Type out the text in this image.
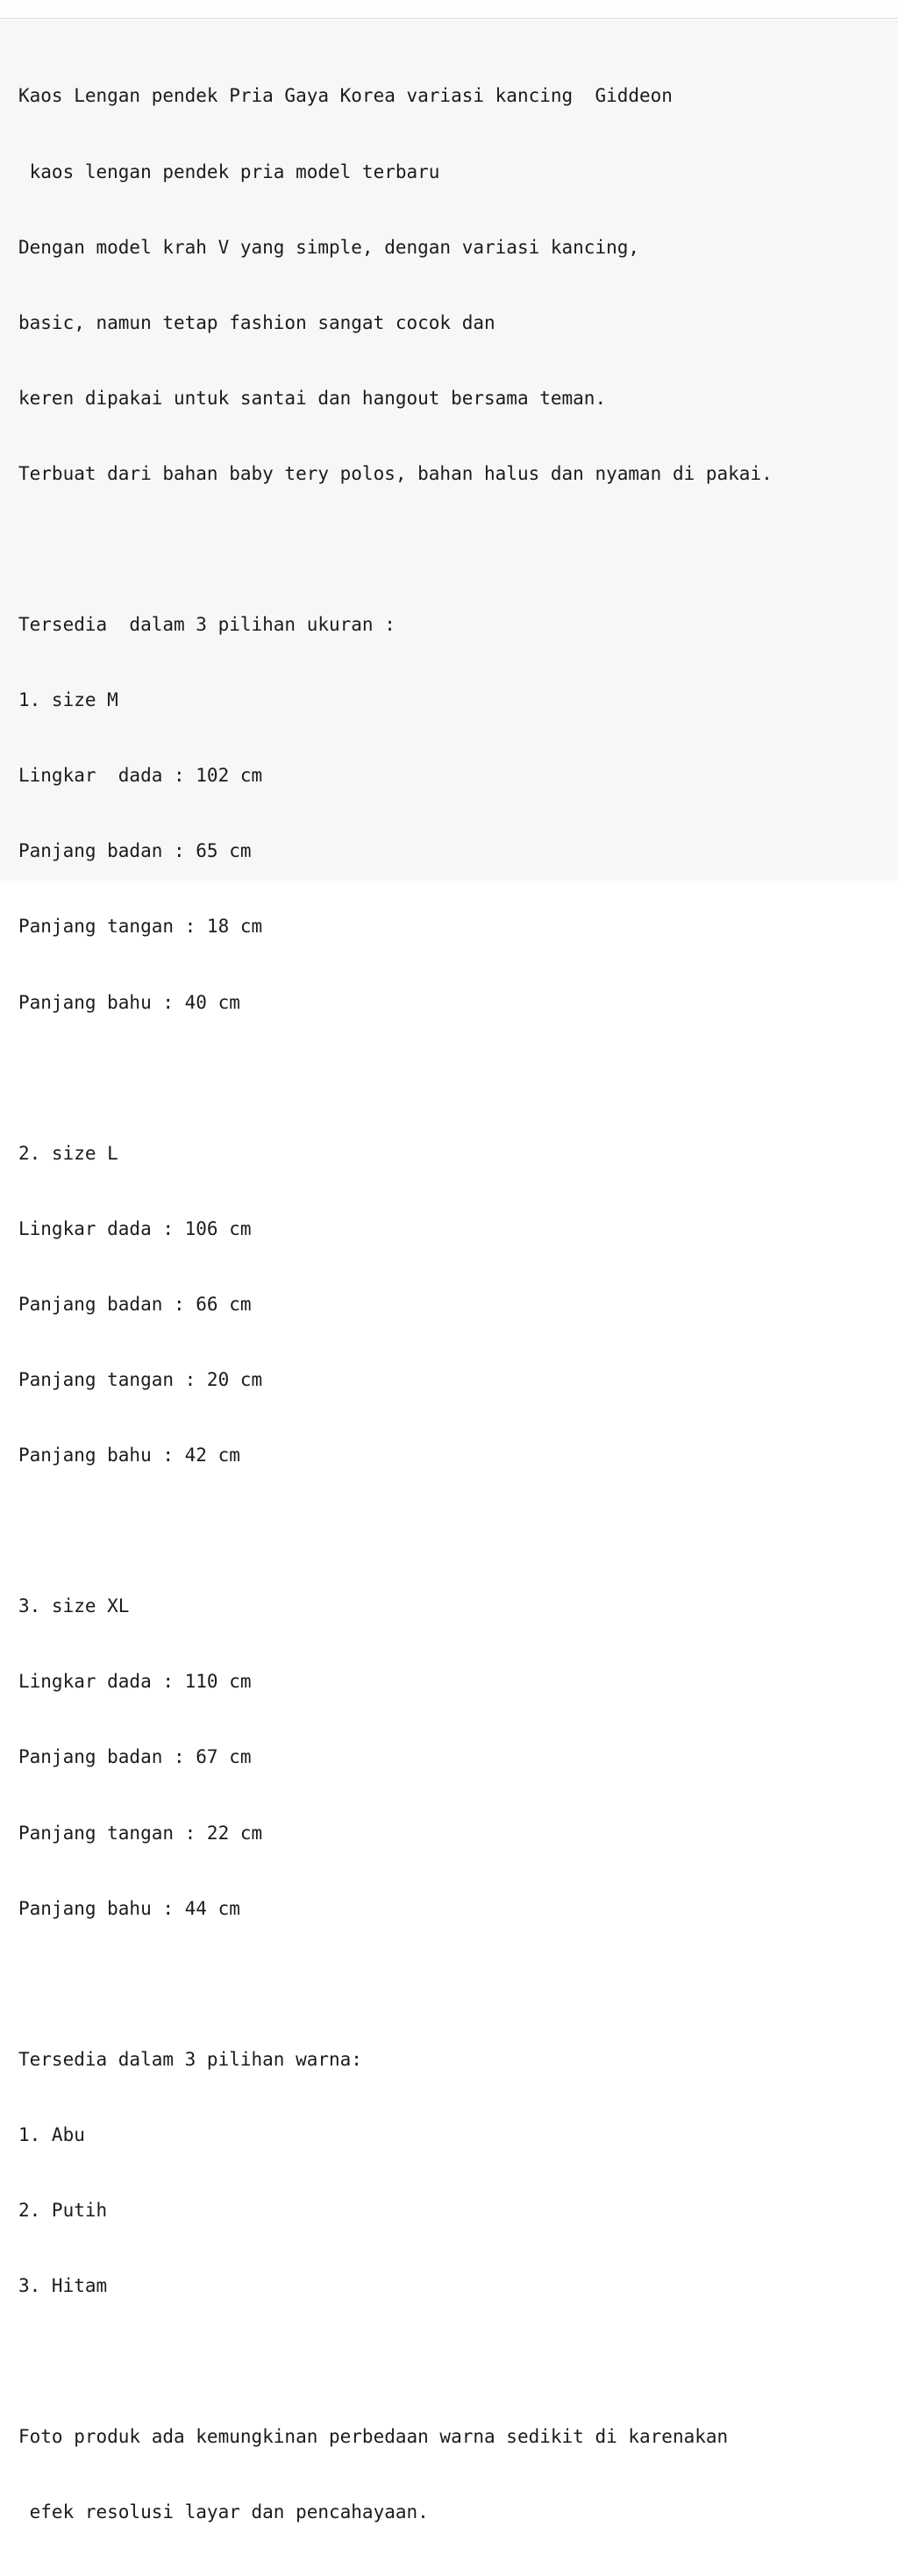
Kaos Lengan pendek Pria Gaya Korea variasi kancing  Giddeon

kaos lengan pendek pria model terbaru

Dengan model krah V yang simple, dengan variasi kancing,

basic, namun tetap fashion sangat cocok dan

keren dipakai untuk santai dan hangout bersama teman.

Terbuat dari bahan baby tery polos, bahan halus dan nyaman di pakai.

Tersedia  dalam 3 pilihan ukuran :

1. size M

Lingkar  dada : 102 cm

Panjang badan : 65 cm

Panjang tangan : 18 cm

Panjang bahu : 40 cm

2. size L

Lingkar dada : 106 cm

Panjang badan : 66 cm

Panjang tangan : 20 cm

Panjang bahu : 42 cm

3. size XL

Lingkar dada : 110 cm

Panjang badan : 67 cm

Panjang tangan : 22 cm

Panjang bahu : 44 cm

Tersedia dalam 3 pilihan warna:

1. Abu

2. Putih

3. Hitam

Foto produk ada kemungkinan perbedaan warna sedikit di karenakan

efek resolusi layar dan pencahayaan.
